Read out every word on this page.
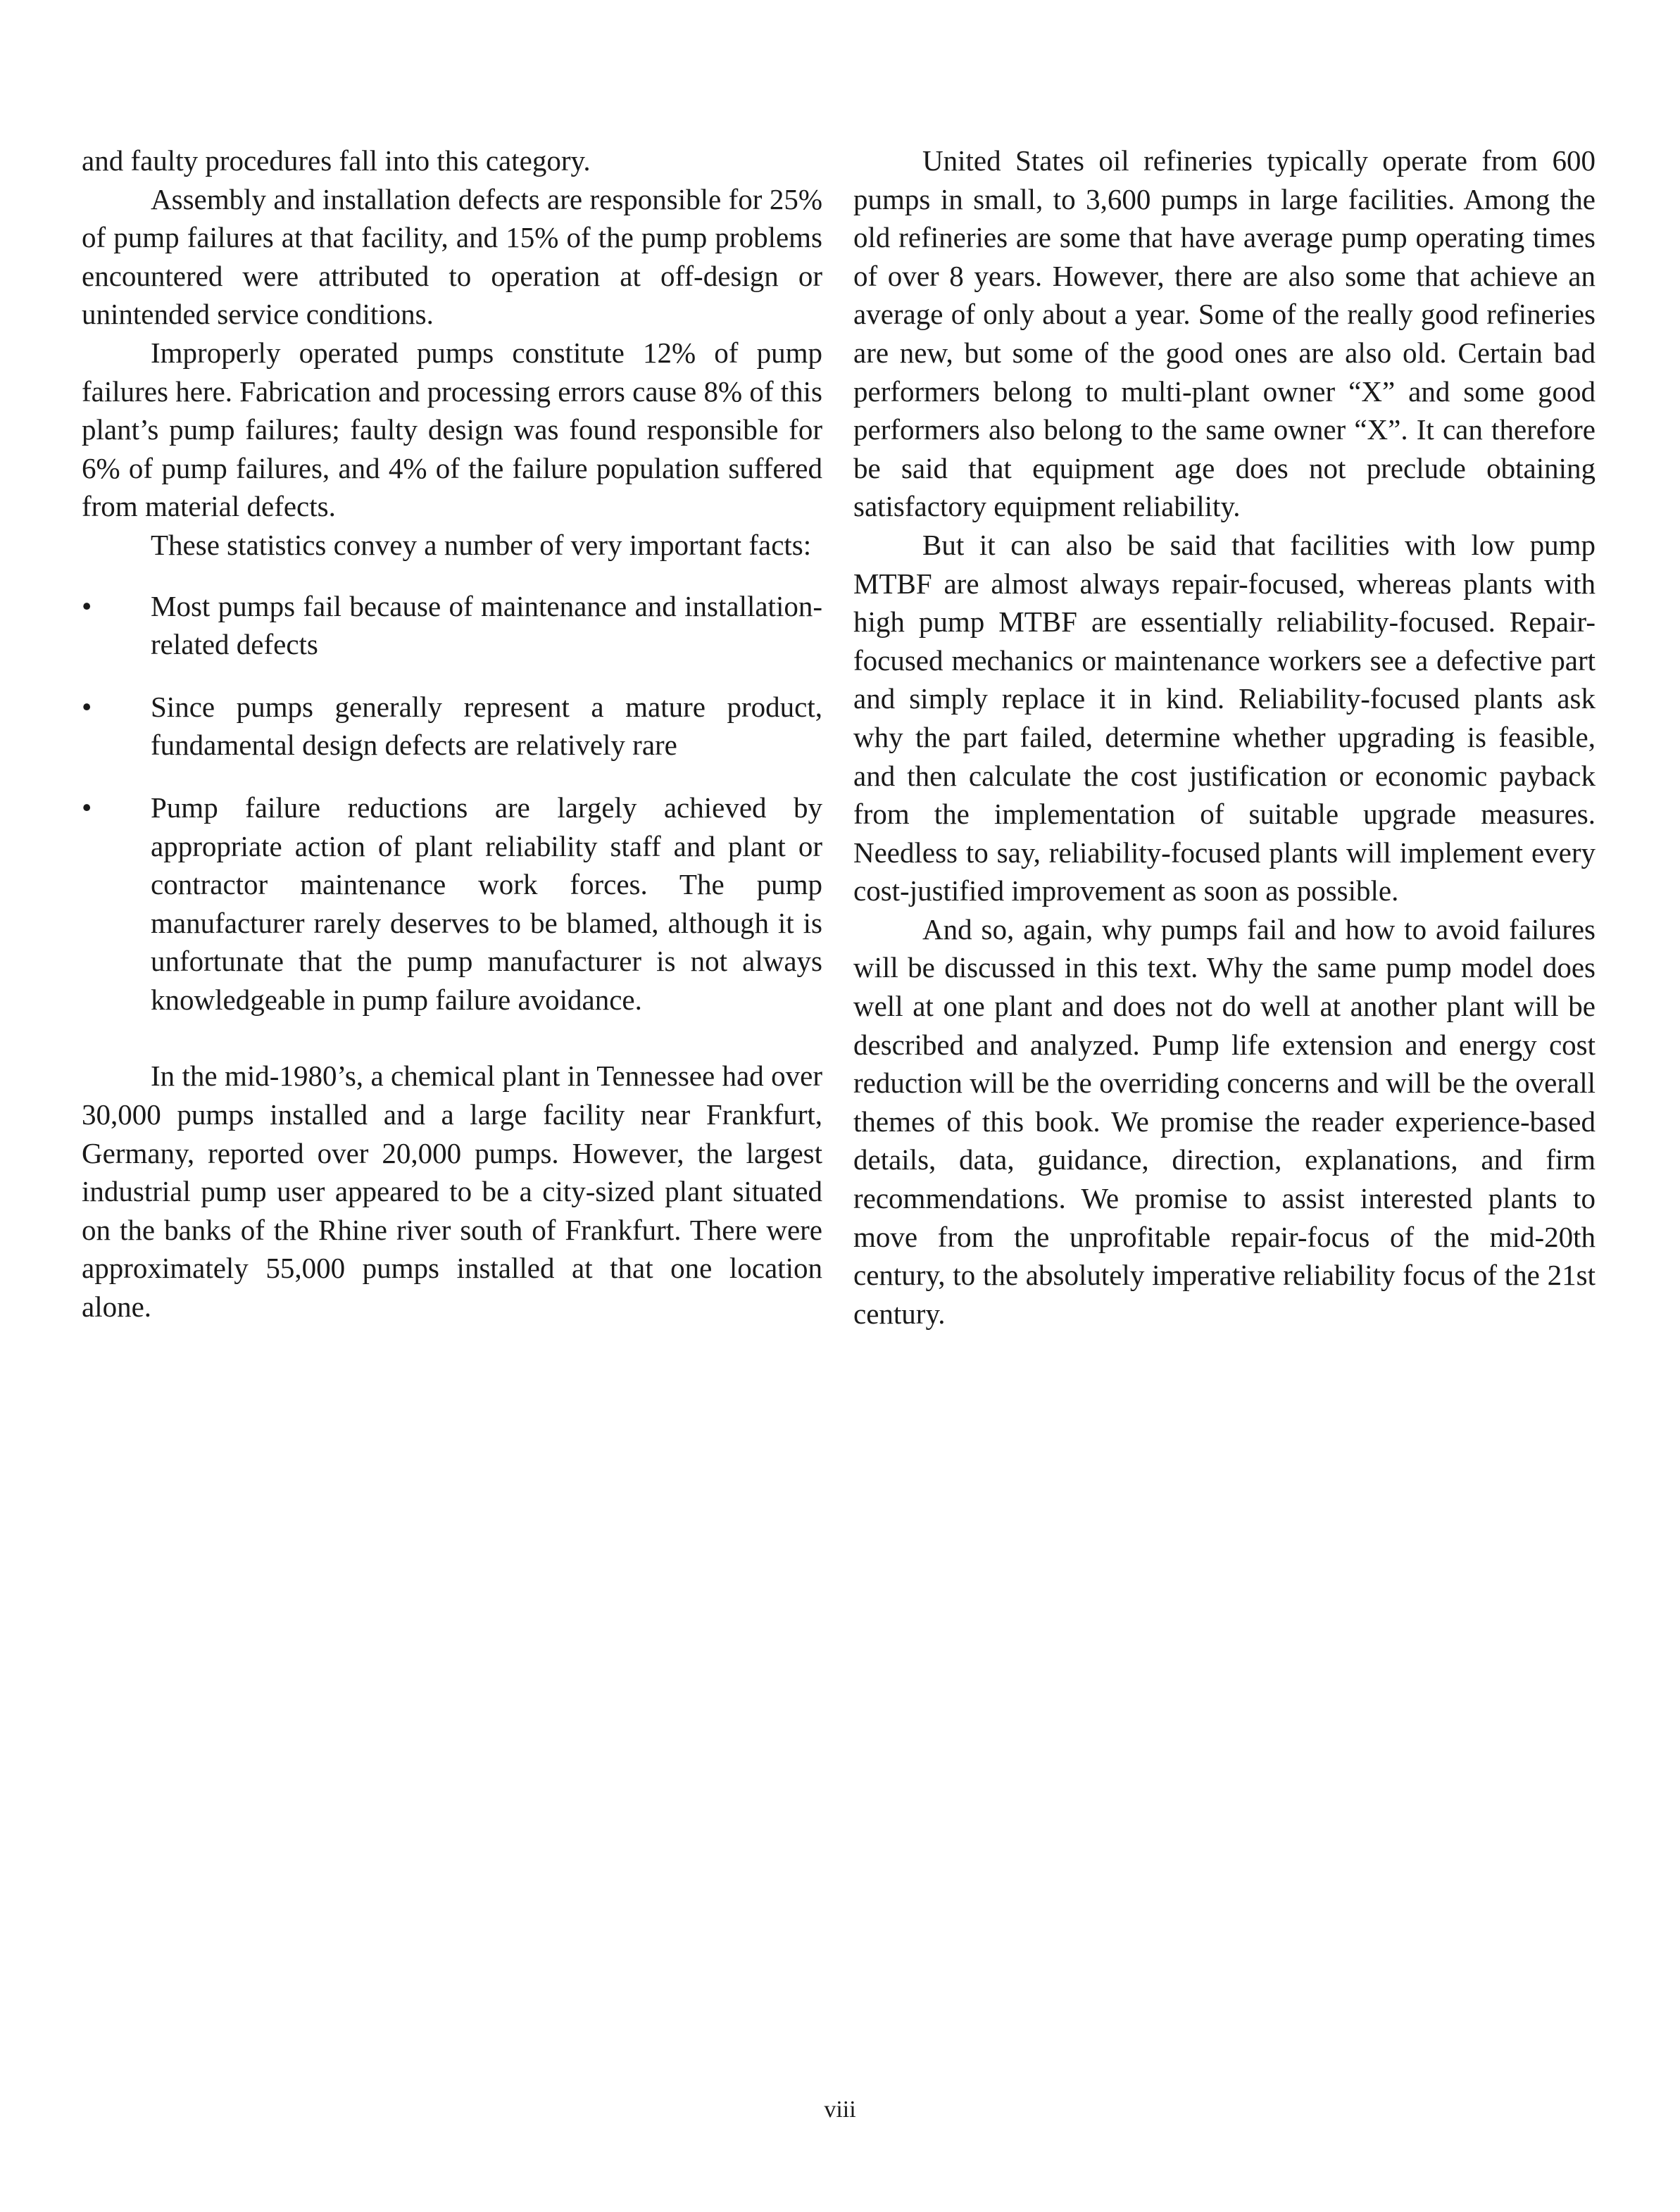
and faulty procedures fall into this category.

Assembly and installation defects are responsible for 25% of pump failures at that facility, and 15% of the pump problems encountered were attributed to operation at off-design or unintended service conditions.

Improperly operated pumps constitute 12% of pump failures here. Fabrication and processing errors cause 8% of this plant’s pump failures; faulty design was found responsible for 6% of pump failures, and 4% of the failure population suffered from material defects.

These statistics convey a number of very important facts:

• Most pumps fail because of maintenance and installation-related defects
• Since pumps generally represent a mature product, fundamental design defects are relatively rare
• Pump failure reductions are largely achieved by appropriate action of plant reliability staff and plant or contractor maintenance work forces. The pump manufacturer rarely deserves to be blamed, although it is unfortunate that the pump manufacturer is not always knowledgeable in pump failure avoidance.

In the mid-1980’s, a chemical plant in Tennessee had over 30,000 pumps installed and a large facility near Frankfurt, Germany, reported over 20,000 pumps. However, the largest industrial pump user appeared to be a city-sized plant situated on the banks of the Rhine river south of Frankfurt. There were approximately 55,000 pumps installed at that one location alone.

United States oil refineries typically operate from 600 pumps in small, to 3,600 pumps in large facilities. Among the old refineries are some that have average pump operating times of over 8 years. However, there are also some that achieve an average of only about a year. Some of the really good refineries are new, but some of the good ones are also old. Certain bad performers belong to multi-plant owner “X” and some good performers also belong to the same owner “X”. It can therefore be said that equipment age does not preclude obtaining satisfactory equipment reliability.

But it can also be said that facilities with low pump MTBF are almost always repair-focused, whereas plants with high pump MTBF are essentially reliability-focused. Repair-focused mechanics or maintenance workers see a defective part and simply replace it in kind. Reliability-focused plants ask why the part failed, determine whether upgrading is feasible, and then calculate the cost justification or economic payback from the implementation of suitable upgrade measures. Needless to say, reliability-focused plants will implement every cost-justified improvement as soon as possible.

And so, again, why pumps fail and how to avoid failures will be discussed in this text. Why the same pump model does well at one plant and does not do well at another plant will be described and analyzed. Pump life extension and energy cost reduction will be the overriding concerns and will be the overall themes of this book. We promise the reader experience-based details, data, guidance, direction, explanations, and firm recommendations. We promise to assist interested plants to move from the unprofitable repair-focus of the mid-20th century, to the absolutely imperative reliability focus of the 21st century.

viii
